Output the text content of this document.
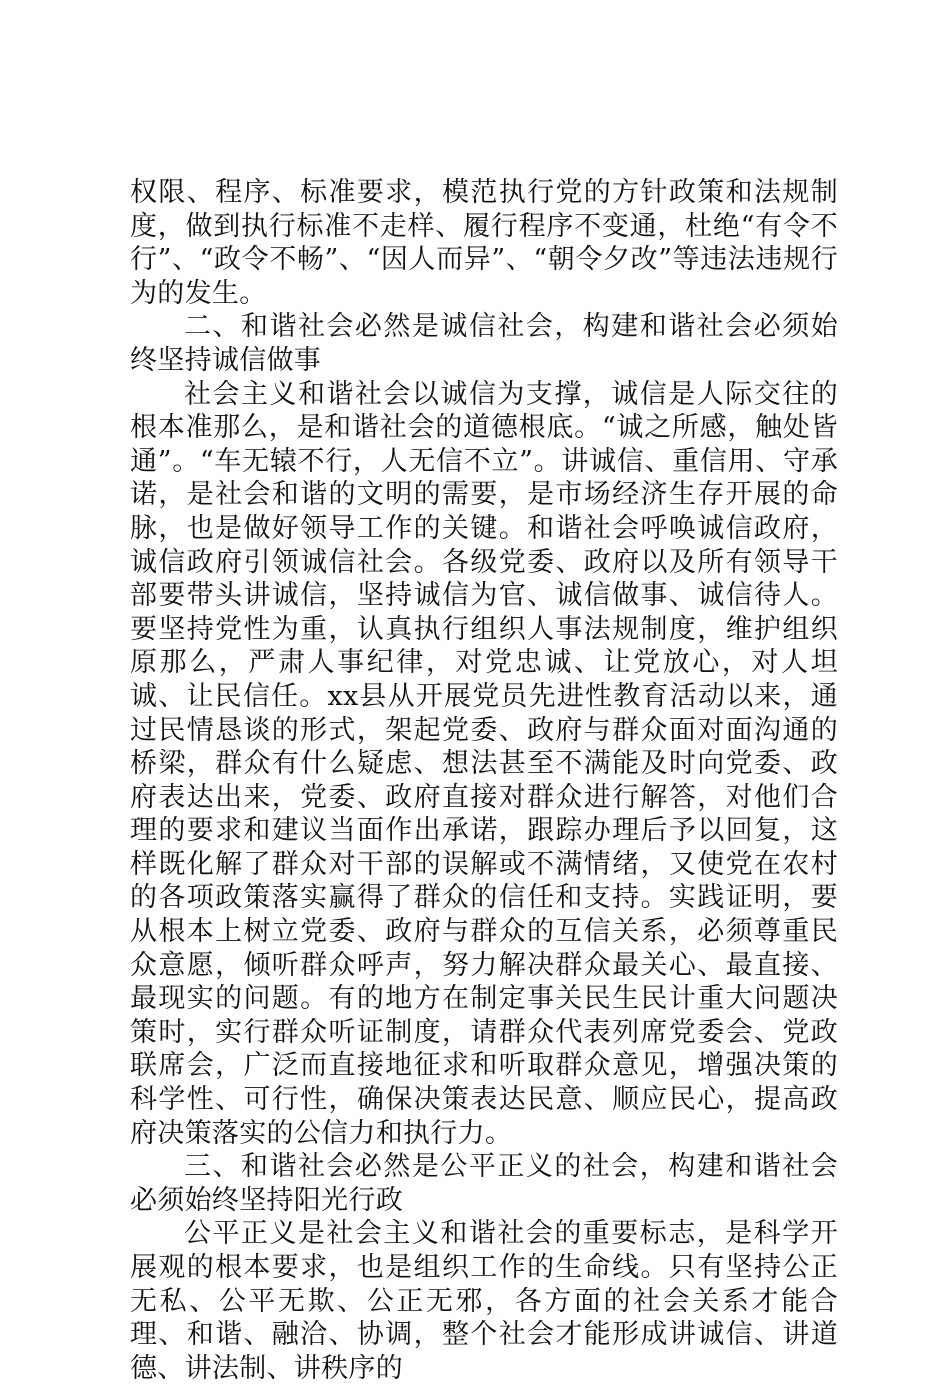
权限、程序、标准要求，模范执行党的方针政策和法规制度，做到执行标准不走样、履行程序不变通，杜绝“有令不行”、“政令不畅”、“因人而异”、“朝令夕改”等违法违规行为的发生。

二、和谐社会必然是诚信社会，构建和谐社会必须始终坚持诚信做事

社会主义和谐社会以诚信为支撑，诚信是人际交往的根本准那么，是和谐社会的道德根底。“诚之所感，触处皆通”。“车无辕不行，人无信不立”。讲诚信、重信用、守承诺，是社会和谐的文明的需要，是市场经济生存开展的命脉，也是做好领导工作的关键。和谐社会呼唤诚信政府，诚信政府引领诚信社会。各级党委、政府以及所有领导干部要带头讲诚信，坚持诚信为官、诚信做事、诚信待人。要坚持党性为重，认真执行组织人事法规制度，维护组织原那么，严肃人事纪律，对党忠诚、让党放心，对人坦诚、让民信任。xx县从开展党员先进性教育活动以来，通过民情恳谈的形式，架起党委、政府与群众面对面沟通的桥梁，群众有什么疑虑、想法甚至不满能及时向党委、政府表达出来，党委、政府直接对群众进行解答，对他们合理的要求和建议当面作出承诺，跟踪办理后予以回复，这样既化解了群众对干部的误解或不满情绪，又使党在农村的各项政策落实赢得了群众的信任和支持。实践证明，要从根本上树立党委、政府与群众的互信关系，必须尊重民众意愿，倾听群众呼声，努力解决群众最关心、最直接、最现实的问题。有的地方在制定事关民生民计重大问题决策时，实行群众听证制度，请群众代表列席党委会、党政联席会，广泛而直接地征求和听取群众意见，增强决策的科学性、可行性，确保决策表达民意、顺应民心，提高政府决策落实的公信力和执行力。

三、和谐社会必然是公平正义的社会，构建和谐社会必须始终坚持阳光行政

公平正义是社会主义和谐社会的重要标志，是科学开展观的根本要求，也是组织工作的生命线。只有坚持公正无私、公平无欺、公正无邪，各方面的社会关系才能合理、和谐、融洽、协调，整个社会才能形成讲诚信、讲道德、讲法制、讲秩序的
